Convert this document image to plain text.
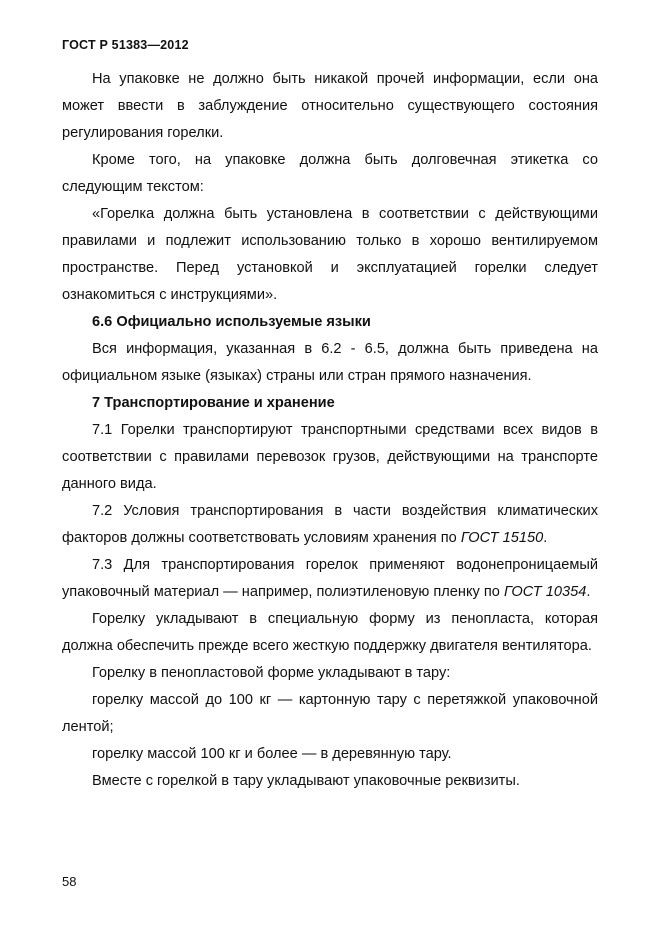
ГОСТ Р 51383—2012

На упаковке не должно быть никакой прочей информации, если она может ввести в заблуждение относительно существующего состояния регулирования горелки.

Кроме того, на упаковке должна быть долговечная этикетка со следующим текстом:

«Горелка должна быть установлена в соответствии с действующими правилами и подлежит использованию только в хорошо вентилируемом пространстве. Перед установкой и эксплуатацией горелки следует ознакомиться с инструкциями».

6.6 Официально используемые языки

Вся информация, указанная в 6.2 - 6.5, должна быть приведена на официальном языке (языках) страны или стран прямого назначения.

7 Транспортирование и хранение

7.1 Горелки транспортируют транспортными средствами всех видов в соответствии с правилами перевозок грузов, действующими на транспорте данного вида.

7.2 Условия транспортирования в части воздействия климатических факторов должны соответствовать условиям хранения по ГОСТ 15150.

7.3 Для транспортирования горелок применяют водонепроницаемый упаковочный материал — например, полиэтиленовую пленку по ГОСТ 10354.

Горелку укладывают в специальную форму из пенопласта, которая должна обеспечить прежде всего жесткую поддержку двигателя вентилятора.

Горелку в пенопластовой форме укладывают в тару:

горелку массой до 100 кг — картонную тару с перетяжкой упаковочной лентой;

горелку массой 100 кг и более — в деревянную тару.

Вместе с горелкой в тару укладывают упаковочные реквизиты.

58
